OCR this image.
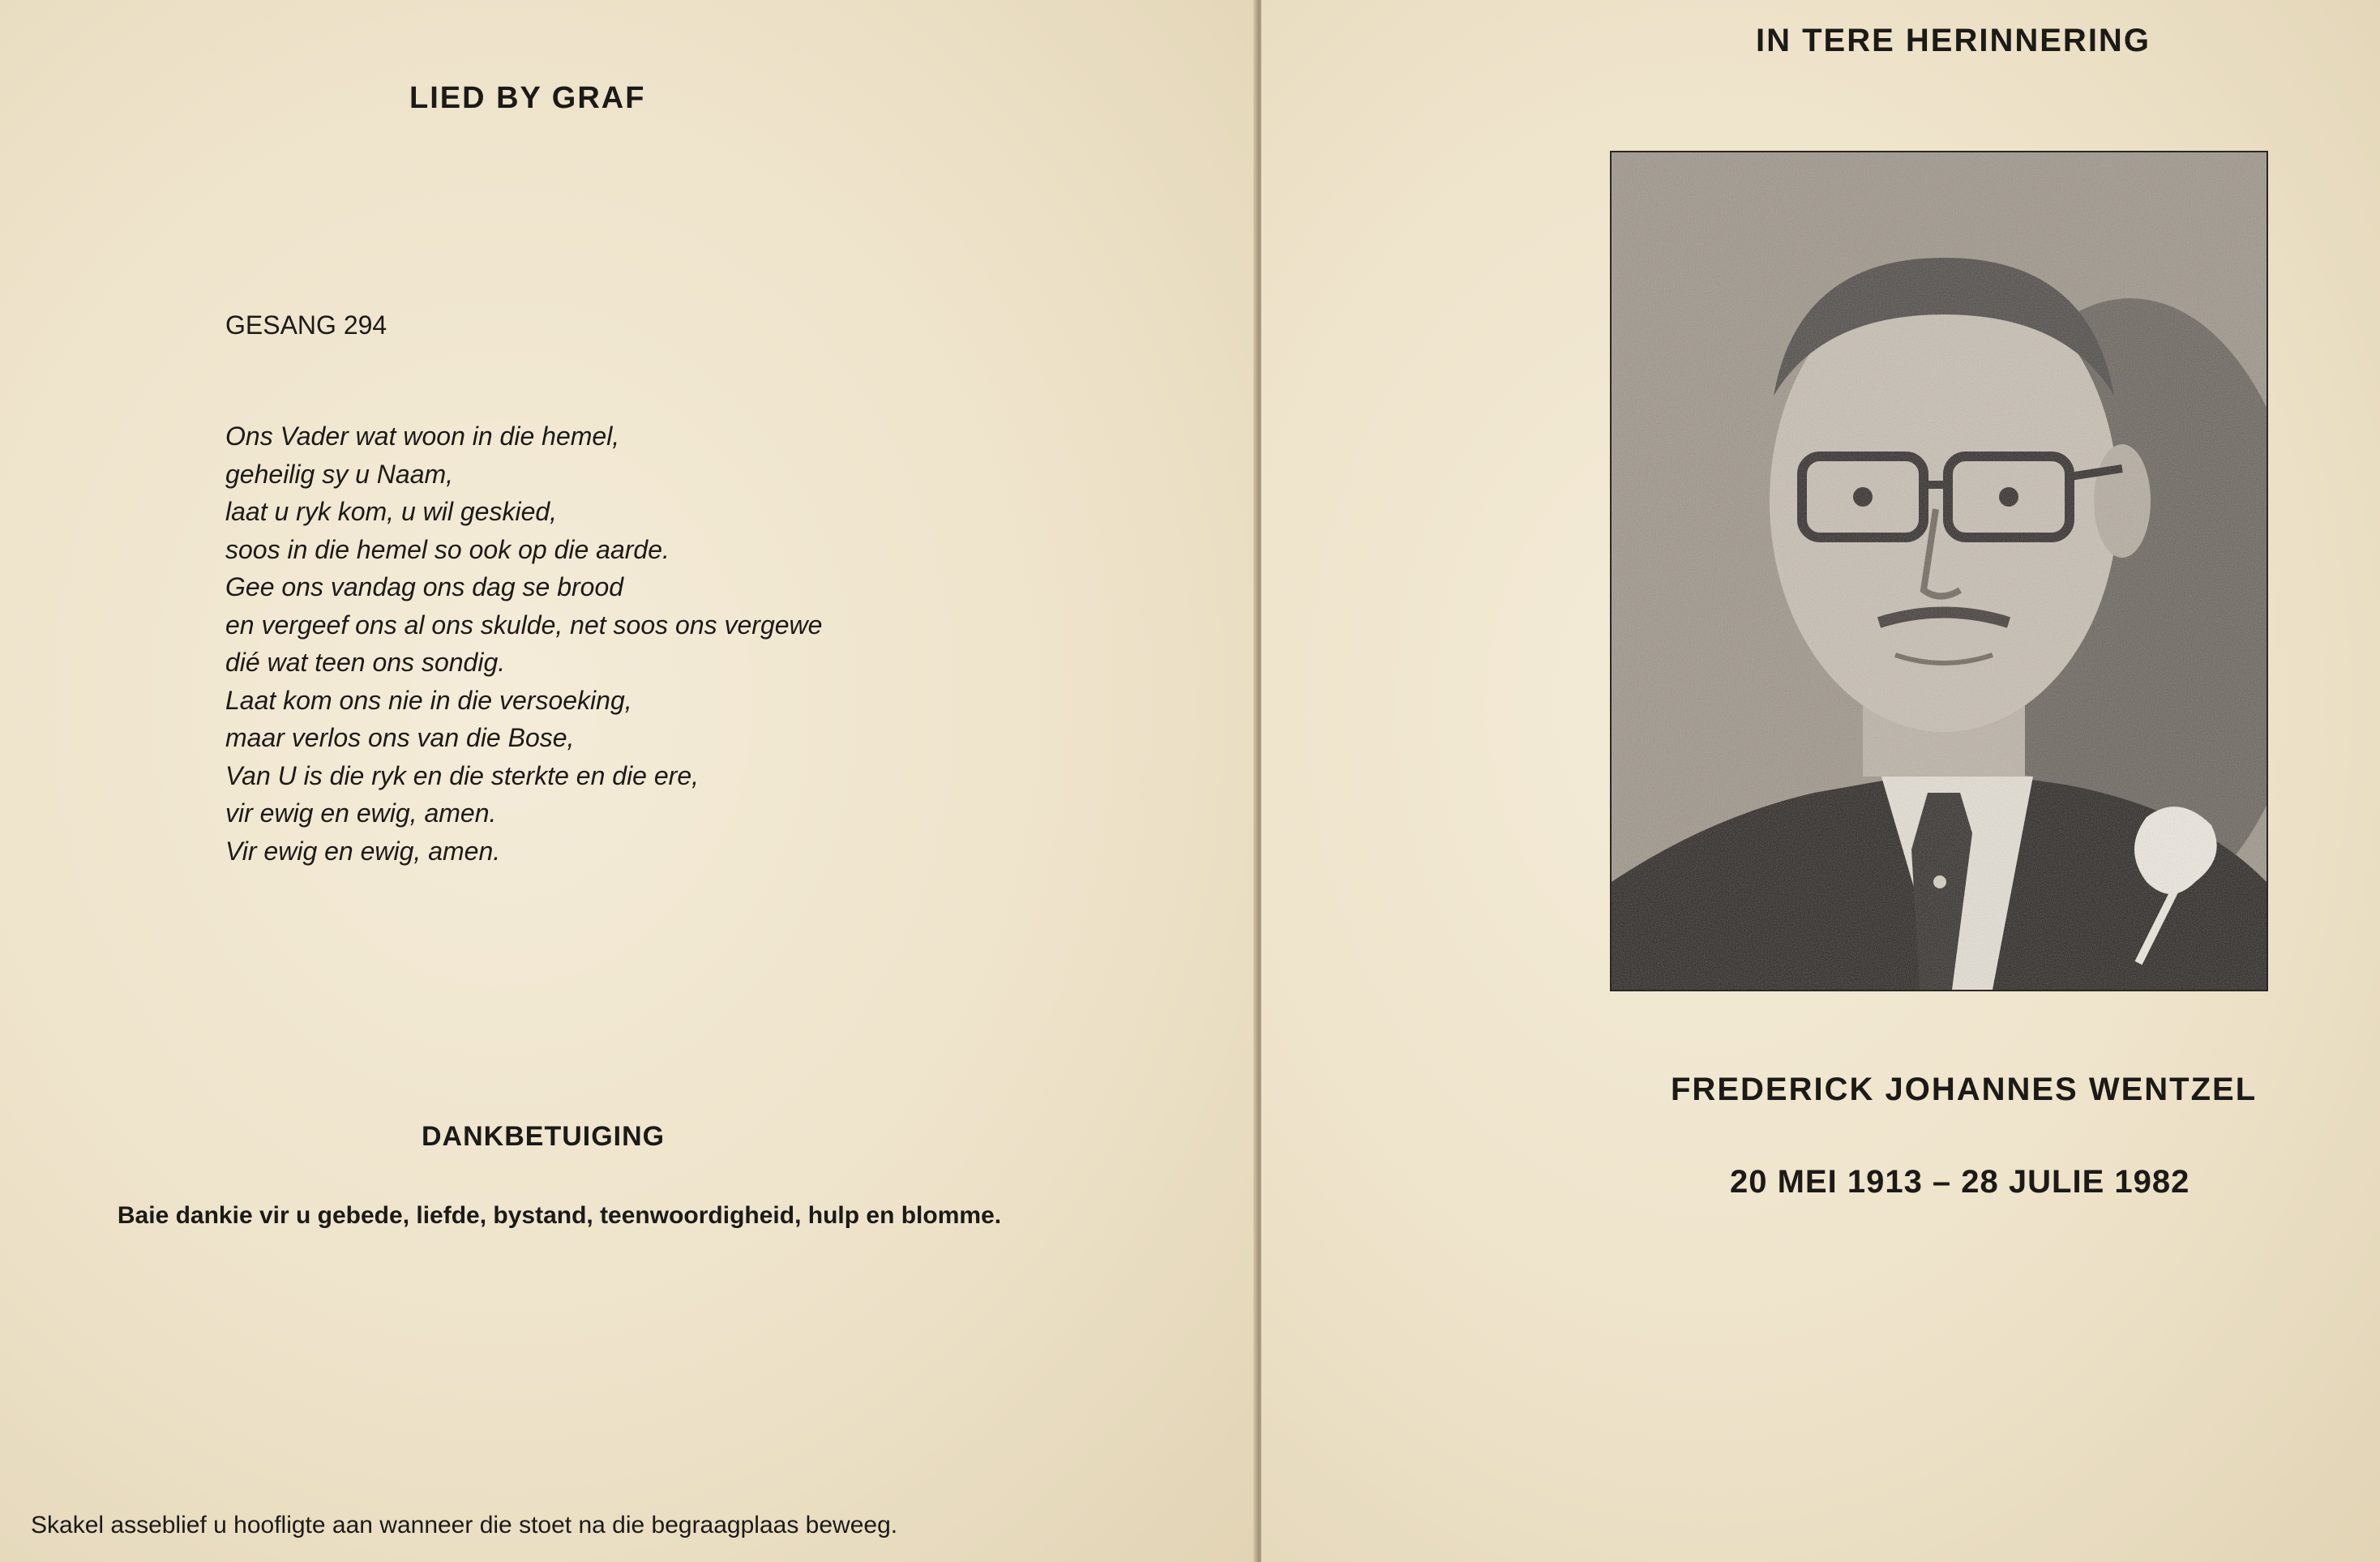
LIED BY GRAF
GESANG 294
Ons Vader wat woon in die hemel,
geheilig sy u Naam,
laat u ryk kom, u wil geskied,
soos in die hemel so ook op die aarde.
Gee ons vandag ons dag se brood
en vergeef ons al ons skulde, net soos ons vergewe
dié wat teen ons sondig.
Laat kom ons nie in die versoeking,
maar verlos ons van die Bose,
Van U is die ryk en die sterkte en die ere,
vir ewig en ewig, amen.
Vir ewig en ewig, amen.
DANKBETUIGING

Baie dankie vir u gebede, liefde, bystand, teenwoordigheid, hulp en blomme.

Skakel asseblief u hoofligte aan wanneer die stoet na die begraagplaas beweeg.

IN TERE HERINNERING
FREDERICK JOHANNES WENTZEL
20 MEI 1913 – 28 JULIE 1982
